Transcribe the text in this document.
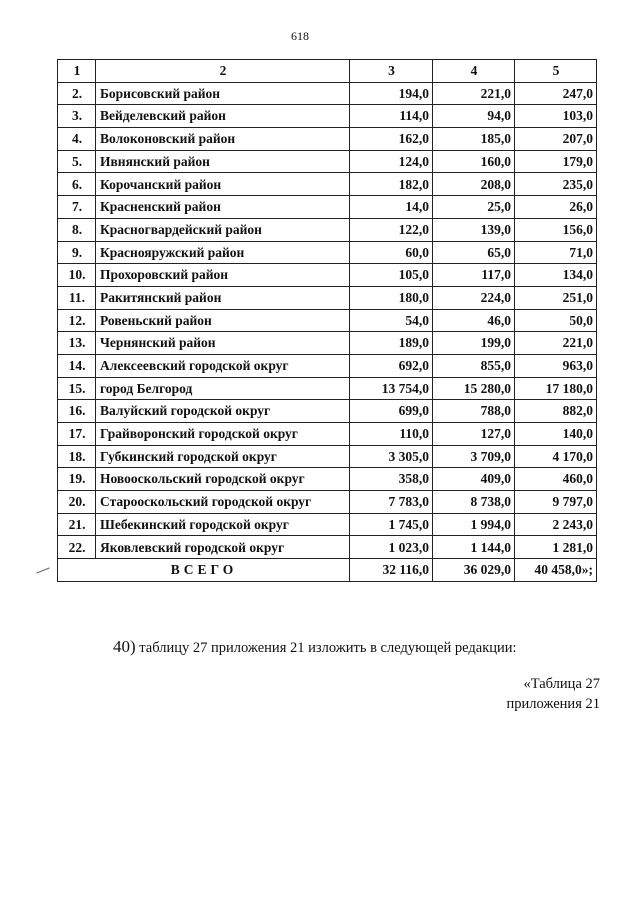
618
1	2	3	4	5
2.	Борисовский район	194,0	221,0	247,0
3.	Вейделевский район	114,0	94,0	103,0
4.	Волоконовский район	162,0	185,0	207,0
5.	Ивнянский район	124,0	160,0	179,0
6.	Корочанский район	182,0	208,0	235,0
7.	Красненский район	14,0	25,0	26,0
8.	Красногвардейский район	122,0	139,0	156,0
9.	Краснояружский район	60,0	65,0	71,0
10.	Прохоровский район	105,0	117,0	134,0
11.	Ракитянский район	180,0	224,0	251,0
12.	Ровеньский район	54,0	46,0	50,0
13.	Чернянский район	189,0	199,0	221,0
14.	Алексеевский городской округ	692,0	855,0	963,0
15.	город Белгород	13 754,0	15 280,0	17 180,0
16.	Валуйский городской округ	699,0	788,0	882,0
17.	Грайворонский городской округ	110,0	127,0	140,0
18.	Губкинский городской округ	3 305,0	3 709,0	4 170,0
19.	Новооскольский городской округ	358,0	409,0	460,0
20.	Старооскольский городской округ	7 783,0	8 738,0	9 797,0
21.	Шебекинский городской округ	1 745,0	1 994,0	2 243,0
22.	Яковлевский городской округ	1 023,0	1 144,0	1 281,0
ВСЕГО		32 116,0	36 029,0	40 458,0»;
40) таблицу 27 приложения 21 изложить в следующей редакции:
«Таблица 27
приложения 21
